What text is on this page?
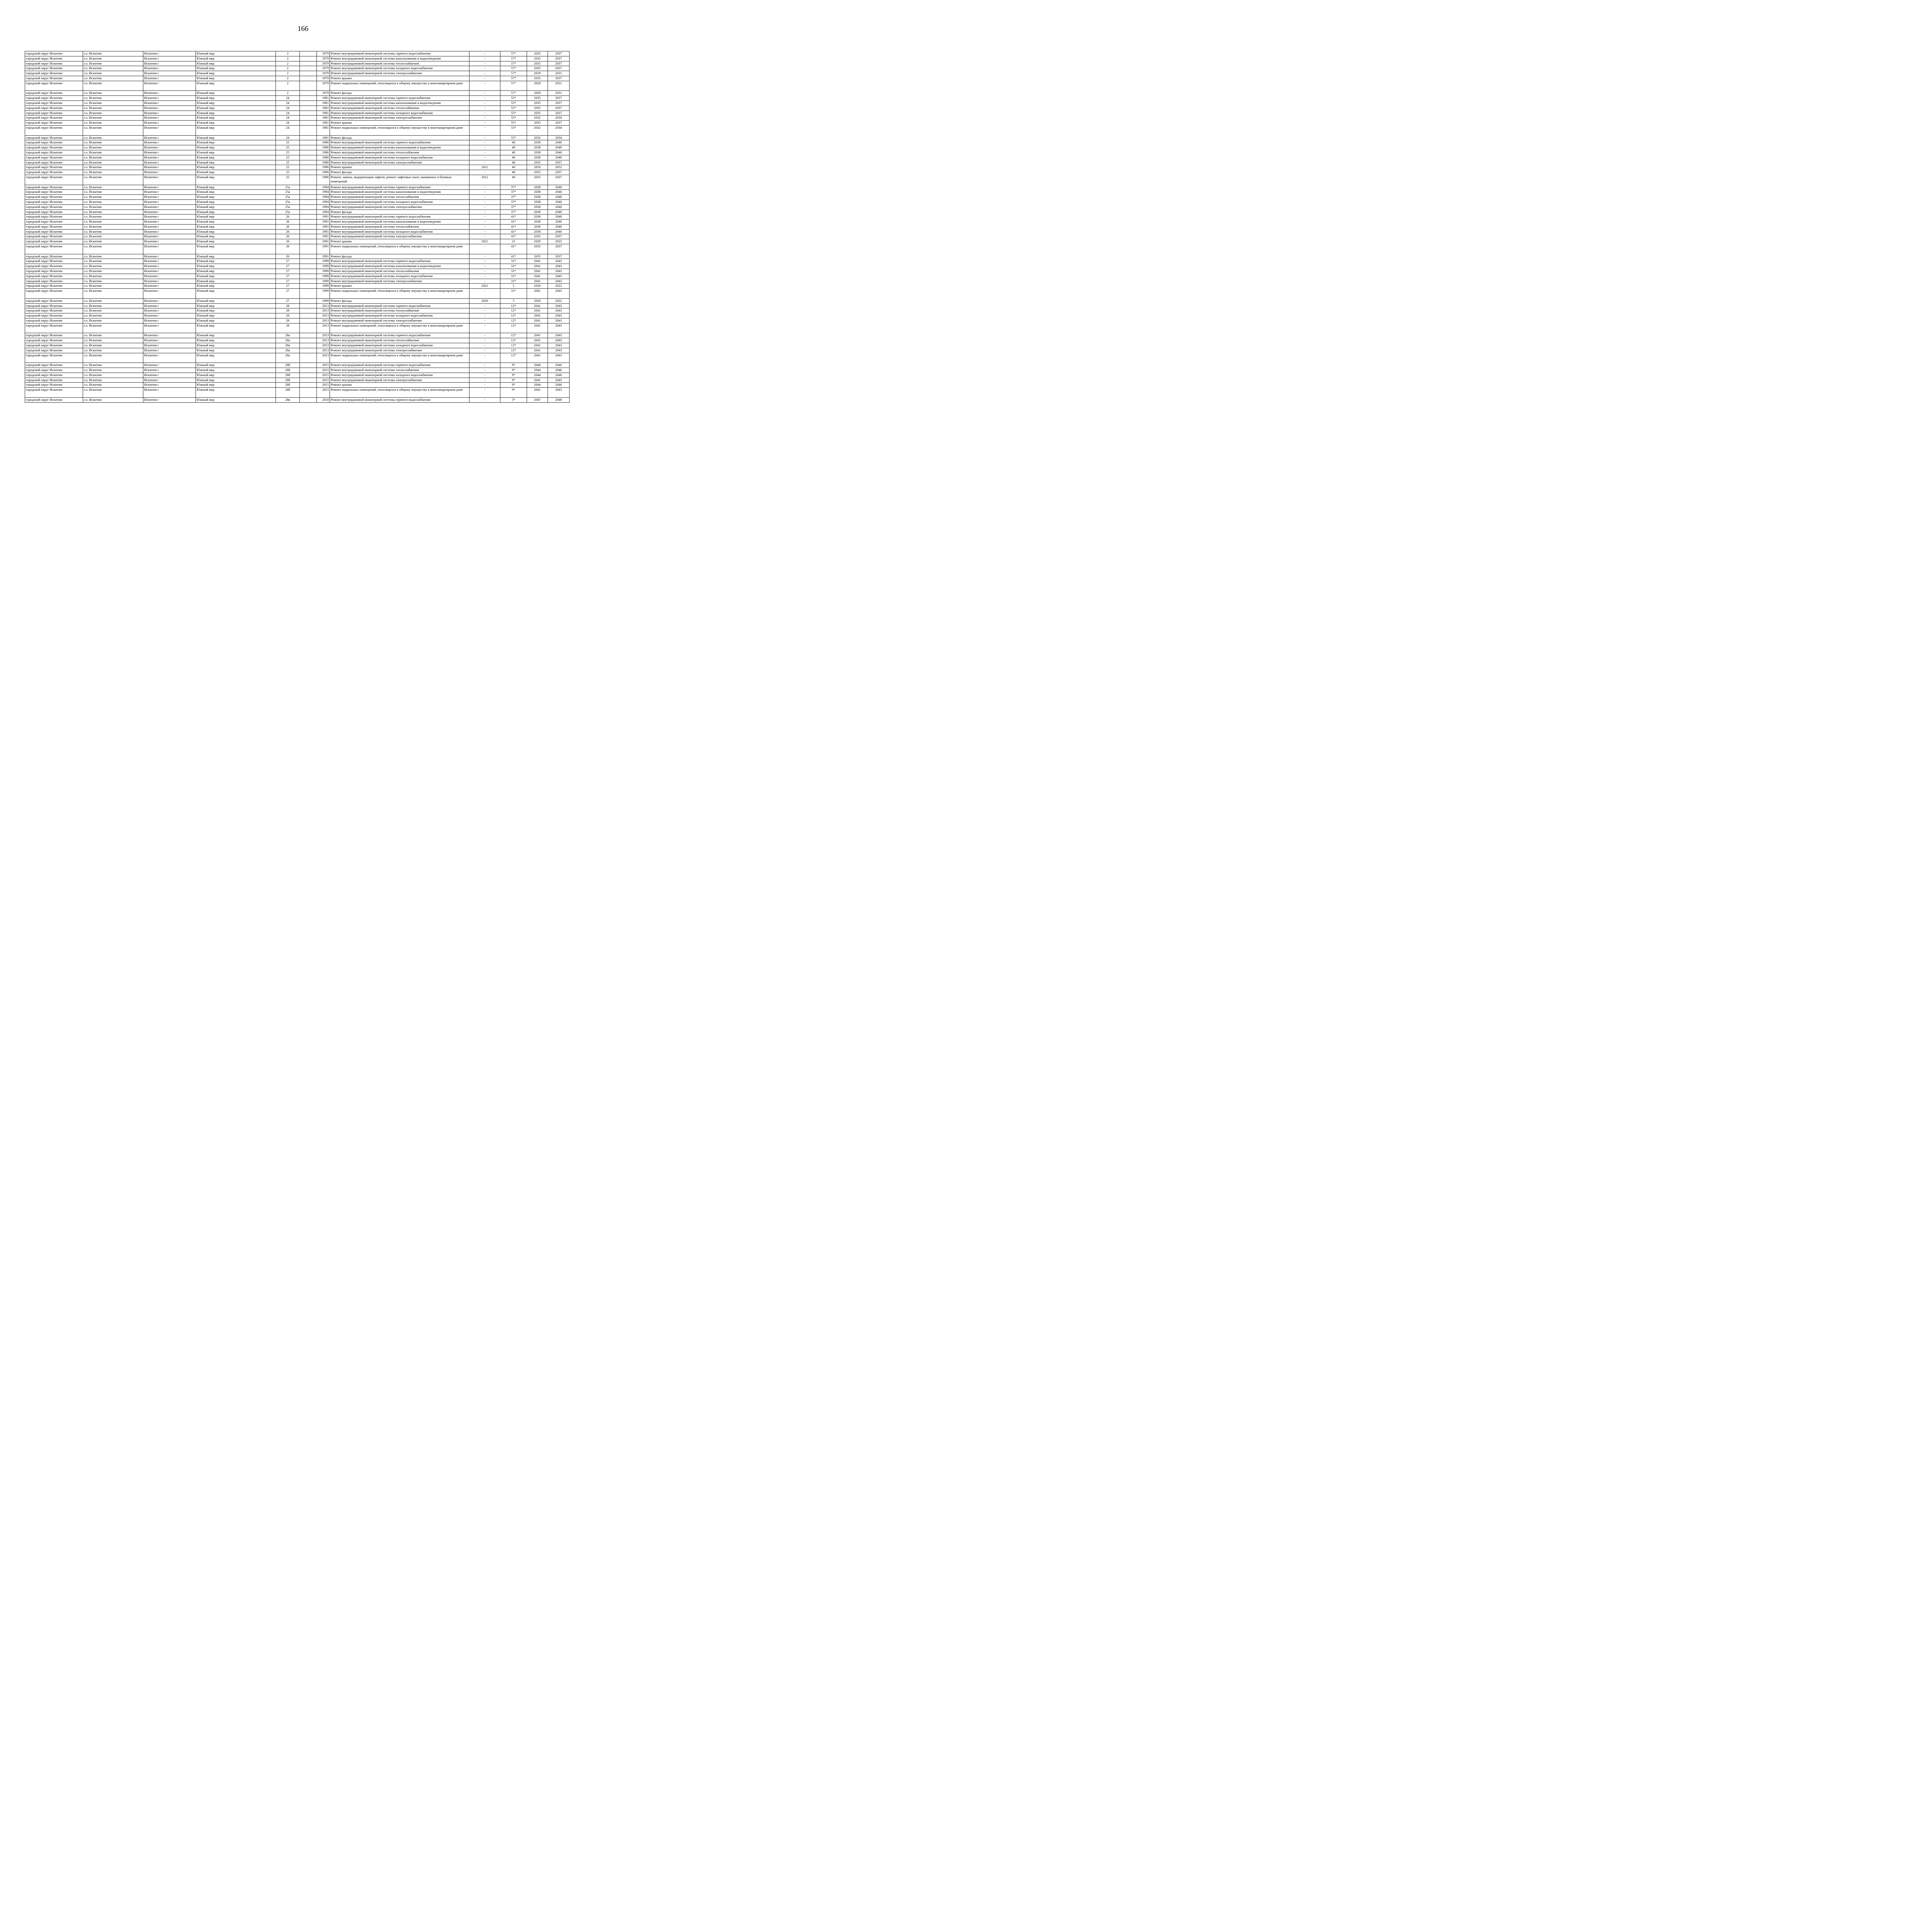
166
городской округ Искитим	г.о. Искитим	Искитим г	Южный мкр	2		1979	Ремонт внутридомовой инженерной системы горячего водоснабжения	-	57*	2035	2037
городской округ Искитим	г.о. Искитим	Искитим г	Южный мкр	2		1979	Ремонт внутридомовой инженерной системы канализования и водоотведения	-	57*	2035	2037
городской округ Искитим	г.о. Искитим	Искитим г	Южный мкр	2		1979	Ремонт внутридомовой инженерной системы теплоснабжения	-	57*	2035	2037
городской округ Искитим	г.о. Искитим	Искитим г	Южный мкр	2		1979	Ремонт внутридомовой инженерной системы холодного водоснабжения	-	57*	2035	2037
городской округ Искитим	г.о. Искитим	Искитим г	Южный мкр	2		1979	Ремонт внутридомовой инженерной системы электроснабжения	-	57*	2029	2031
городской округ Искитим	г.о. Искитим	Искитим г	Южный мкр	2		1979	Ремонт крыши	-	57*	2035	2037
городской округ Искитим	г.о. Искитим	Искитим г	Южный мкр	2		1979	Ремонт подвальных помещений, относящихся к общему имуществу в многоквартирном доме	-	57*	2029	2031
городской округ Искитим	г.о. Искитим	Искитим г	Южный мкр	2		1979	Ремонт фасада	-	57*	2029	2031
городской округ Искитим	г.о. Искитим	Искитим г	Южный мкр	24		1981	Ремонт внутридомовой инженерной системы горячего водоснабжения	-	55*	2035	2037
городской округ Искитим	г.о. Искитим	Искитим г	Южный мкр	24		1981	Ремонт внутридомовой инженерной системы канализования и водоотведения	-	55*	2035	2037
городской округ Искитим	г.о. Искитим	Искитим г	Южный мкр	24		1981	Ремонт внутридомовой инженерной системы теплоснабжения	-	55*	2035	2037
городской округ Искитим	г.о. Искитим	Искитим г	Южный мкр	24		1981	Ремонт внутридомовой инженерной системы холодного водоснабжения	-	55*	2035	2037
городской округ Искитим	г.о. Искитим	Искитим г	Южный мкр	24		1981	Ремонт внутридомовой инженерной системы электроснабжения	-	55*	2032	2034
городской округ Искитим	г.о. Искитим	Искитим г	Южный мкр	24		1981	Ремонт крыши	-	55*	2035	2037
городской округ Искитим	г.о. Искитим	Искитим г	Южный мкр	24		1981	Ремонт подвальных помещений, относящихся к общему имуществу в многоквартирном доме	-	55*	2032	2034
городской округ Искитим	г.о. Искитим	Искитим г	Южный мкр	24		1981	Ремонт фасада	-	55*	2032	2034
городской округ Искитим	г.о. Искитим	Искитим г	Южный мкр	25		1986	Ремонт внутридомовой инженерной системы горячего водоснабжения	-	40	2038	2040
городской округ Искитим	г.о. Искитим	Искитим г	Южный мкр	25		1986	Ремонт внутридомовой инженерной системы канализования и водоотведения	-	40	2038	2040
городской округ Искитим	г.о. Искитим	Искитим г	Южный мкр	25		1986	Ремонт внутридомовой инженерной системы теплоснабжения	-	40	2038	2040
городской округ Искитим	г.о. Искитим	Искитим г	Южный мкр	25		1986	Ремонт внутридомовой инженерной системы холодного водоснабжения	-	40	2038	2040
городской округ Искитим	г.о. Искитим	Искитим г	Южный мкр	25		1986	Ремонт внутридомовой инженерной системы электроснабжения	-	40	2035	2037
городской округ Искитим	г.о. Искитим	Искитим г	Южный мкр	25		1986	Ремонт крыши	2011	40	2050	2052
городской округ Искитим	г.о. Искитим	Искитим г	Южный мкр	25		1986	Ремонт фасада	-	40	2035	2037
городской округ Искитим	г.о. Искитим	Искитим г	Южный мкр	25		1986	Ремонт, замена, модернизация лифтов, ремонт лифтовых шахт, машинных и блочных помещений	2012	40	2035	2037
городской округ Искитим	г.о. Искитим	Искитим г	Южный мкр	25а		1994	Ремонт внутридомовой инженерной системы горячего водоснабжения	-	37*	2038	2040
городской округ Искитим	г.о. Искитим	Искитим г	Южный мкр	25а		1994	Ремонт внутридомовой инженерной системы канализования и водоотведения	-	37*	2038	2040
городской округ Искитим	г.о. Искитим	Искитим г	Южный мкр	25а		1994	Ремонт внутридомовой инженерной системы теплоснабжения	-	37*	2038	2040
городской округ Искитим	г.о. Искитим	Искитим г	Южный мкр	25а		1994	Ремонт внутридомовой инженерной системы холодного водоснабжения	-	37*	2038	2040
городской округ Искитим	г.о. Искитим	Искитим г	Южный мкр	25а		1994	Ремонт внутридомовой инженерной системы электроснабжения	-	37*	2038	2040
городской округ Искитим	г.о. Искитим	Искитим г	Южный мкр	25а		1994	Ремонт фасада	-	37*	2038	2040
городской округ Искитим	г.о. Искитим	Искитим г	Южный мкр	26		1991	Ремонт внутридомовой инженерной системы горячего водоснабжения	-	41*	2038	2040
городской округ Искитим	г.о. Искитим	Искитим г	Южный мкр	26		1991	Ремонт внутридомовой инженерной системы канализования и водоотведения	-	41*	2038	2040
городской округ Искитим	г.о. Искитим	Искитим г	Южный мкр	26		1991	Ремонт внутридомовой инженерной системы теплоснабжения	-	41*	2038	2040
городской округ Искитим	г.о. Искитим	Искитим г	Южный мкр	26		1991	Ремонт внутридомовой инженерной системы холодного водоснабжения	-	41*	2038	2040
городской округ Искитим	г.о. Искитим	Искитим г	Южный мкр	26		1991	Ремонт внутридомовой инженерной системы электроснабжения	-	41*	2035	2037
городской округ Искитим	г.о. Искитим	Искитим г	Южный мкр	26		1991	Ремонт крыши	2021	21	2020	2022
городской округ Искитим	г.о. Искитим	Искитим г	Южный мкр	26		1991	Ремонт подвальных помещений, относящихся к общему имуществу в многоквартирном доме	-	41*	2035	2037
городской округ Искитим	г.о. Искитим	Искитим г	Южный мкр	26		1991	Ремонт фасада	-	41*	2035	2037
городской округ Искитим	г.о. Искитим	Искитим г	Южный мкр	27		1999	Ремонт внутридомовой инженерной системы горячего водоснабжения	-	31*	2041	2043
городской округ Искитим	г.о. Искитим	Искитим г	Южный мкр	27		1999	Ремонт внутридомовой инженерной системы канализования и водоотведения	-	31*	2041	2043
городской округ Искитим	г.о. Искитим	Искитим г	Южный мкр	27		1999	Ремонт внутридомовой инженерной системы теплоснабжения	-	31*	2041	2043
городской округ Искитим	г.о. Искитим	Искитим г	Южный мкр	27		1999	Ремонт внутридомовой инженерной системы холодного водоснабжения	-	31*	2041	2043
городской округ Искитим	г.о. Искитим	Искитим г	Южный мкр	27		1999	Ремонт внутридомовой инженерной системы электроснабжения	-	31*	2041	2043
городской округ Искитим	г.о. Искитим	Искитим г	Южный мкр	27		1999	Ремонт крыши	2021	5	2020	2022
городской округ Искитим	г.о. Искитим	Искитим г	Южный мкр	27		1999	Ремонт подвальных помещений, относящихся к общему имуществу в многоквартирном доме	-	31*	2041	2043
городской округ Искитим	г.о. Искитим	Искитим г	Южный мкр	27		1999	Ремонт фасада	2020	5	2020	2022
городской округ Искитим	г.о. Искитим	Искитим г	Южный мкр	28		2013	Ремонт внутридомовой инженерной системы горячего водоснабжения	-	12*	2041	2043
городской округ Искитим	г.о. Искитим	Искитим г	Южный мкр	28		2013	Ремонт внутридомовой инженерной системы теплоснабжения	-	12*	2041	2043
городской округ Искитим	г.о. Искитим	Искитим г	Южный мкр	28		2013	Ремонт внутридомовой инженерной системы холодного водоснабжения	-	12*	2041	2043
городской округ Искитим	г.о. Искитим	Искитим г	Южный мкр	28		2013	Ремонт внутридомовой инженерной системы электроснабжения	-	12*	2041	2043
городской округ Искитим	г.о. Искитим	Искитим г	Южный мкр	28		2013	Ремонт подвальных помещений, относящихся к общему имуществу в многоквартирном доме	-	12*	2041	2043
городской округ Искитим	г.о. Искитим	Искитим г	Южный мкр	28а		2013	Ремонт внутридомовой инженерной системы горячего водоснабжения	-	12*	2041	2043
городской округ Искитим	г.о. Искитим	Искитим г	Южный мкр	28а		2013	Ремонт внутридомовой инженерной системы теплоснабжения	-	12*	2041	2043
городской округ Искитим	г.о. Искитим	Искитим г	Южный мкр	28а		2013	Ремонт внутридомовой инженерной системы холодного водоснабжения	-	12*	2041	2043
городской округ Искитим	г.о. Искитим	Искитим г	Южный мкр	28а		2013	Ремонт внутридомовой инженерной системы электроснабжения	-	12*	2041	2043
городской округ Искитим	г.о. Искитим	Искитим г	Южный мкр	28а		2013	Ремонт подвальных помещений, относящихся к общему имуществу в многоквартирном доме	-	12*	2041	2043
городской округ Искитим	г.о. Искитим	Искитим г	Южный мкр	28б		2015	Ремонт внутридомовой инженерной системы горячего водоснабжения	-	9*	2044	2046
городской округ Искитим	г.о. Искитим	Искитим г	Южный мкр	28б		2015	Ремонт внутридомовой инженерной системы теплоснабжения	-	9*	2044	2046
городской округ Искитим	г.о. Искитим	Искитим г	Южный мкр	28б		2015	Ремонт внутридомовой инженерной системы холодного водоснабжения	-	9*	2044	2046
городской округ Искитим	г.о. Искитим	Искитим г	Южный мкр	28б		2015	Ремонт внутридомовой инженерной системы электроснабжения	-	9*	2041	2043
городской округ Искитим	г.о. Искитим	Искитим г	Южный мкр	28б		2015	Ремонт крыши	-	9*	2044	2046
городской округ Искитим	г.о. Искитим	Искитим г	Южный мкр	28б		2015	Ремонт подвальных помещений, относящихся к общему имуществу в многоквартирном доме	-	9*	2041	2043
городской округ Искитим	г.о. Искитим	Искитим г	Южный мкр	28в		2018	Ремонт внутридомовой инженерной системы горячего водоснабжения	-	5*	2047	2049
